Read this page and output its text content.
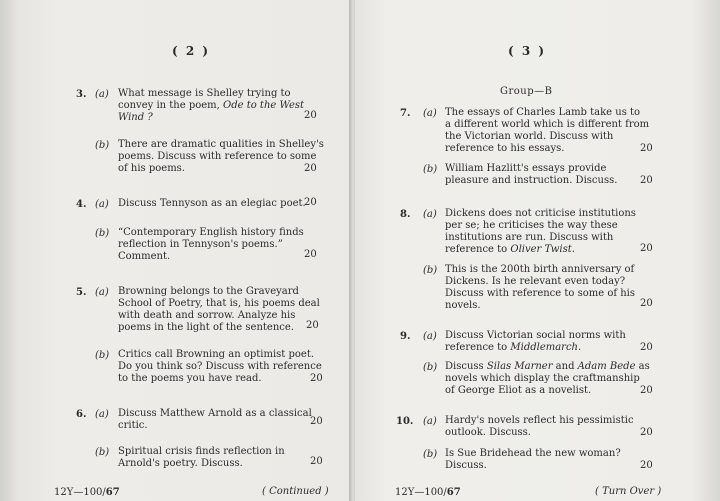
( 2 )
3. (a) What message is Shelley trying to
convey in the poem, Ode to the West
Wind ?	20
(b) There are dramatic qualities in Shelley's
poems. Discuss with reference to some
of his poems.	20
4. (a) Discuss Tennyson as an elegiac poet.
20
(b) “Contemporary English history finds
reflection in Tennyson's poems.”
Comment.	20
5. (a) Browning belongs to the Graveyard
School of Poetry, that is, his poems deal
with death and sorrow. Analyze his
poems in the light of the sentence. 20
(b) Critics call Browning an optimist poet.
Do you think so? Discuss with reference
to the poems you have read.	20
6. (a) Discuss Matthew Arnold as a classical
critic.	20
(b) Spiritual crisis finds reflection in
Arnold's poetry. Discuss.	20
12Y—100/67	( Continued )
( 3 )
Group—B
7. (a) The essays of Charles Lamb take us to
a different world which is different from
the Victorian world. Discuss with
reference to his essays.	20
(b) William Hazlitt's essays provide
pleasure and instruction. Discuss. 20
8. (a) Dickens does not criticise institutions
per se; he criticises the way these
institutions are run. Discuss with
reference to Oliver Twist.	20
(b) This is the 200th birth anniversary of
Dickens. Is he relevant even today?
Discuss with reference to some of his
novels.	20
9. (a) Discuss Victorian social norms with
reference to Middlemarch.	20
(b) Discuss Silas Marner and Adam Bede as
novels which display the craftmanship
of George Eliot as a novelist.	20
10. (a) Hardy's novels reflect his pessimistic
outlook. Discuss.	20
(b) Is Sue Bridehead the new woman?
Discuss.	20
12Y—100/67	( Turn Over )
